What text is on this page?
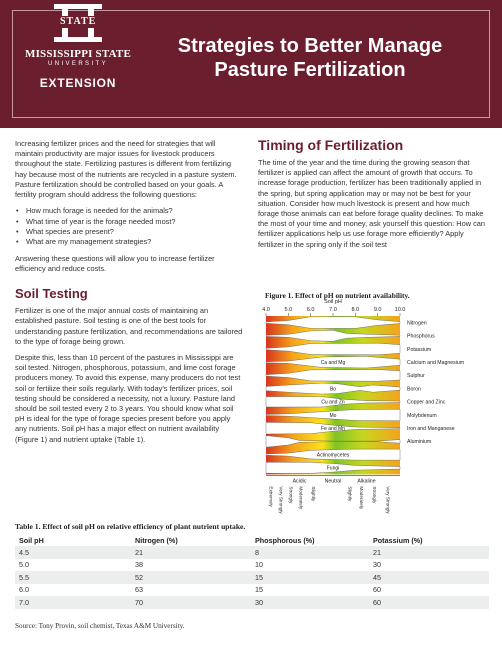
STATE
MISSISSIPPI STATE
UNIVERSITY
EXTENSION
Strategies to Better Manage
Pasture Fertilization

Increasing fertilizer prices and the need for strategies that will maintain productivity are major issues for livestock producers throughout the state. Fertilizing pastures is different from fertilizing hay because most of the nutrients are recycled in a pasture system. Pasture fertilization should be controlled based on your goals. A fertility program should address the following questions:

• How much forage is needed for the animals?
• What time of year is the forage needed most?
• What species are present?
• What are my management strategies?

Answering these questions will allow you to increase fertilizer efficiency and reduce costs.

Soil Testing

Fertilizer is one of the major annual costs of maintaining an established pasture. Soil testing is one of the best tools for understanding pasture fertilization, and recommendations are tailored to the type of forage being grown.

Despite this, less than 10 percent of the pastures in Mississippi are soil tested. Nitrogen, phosphorous, potassium, and lime cost forage producers money. To avoid this expense, many producers do not test soil or fertilize their soils regularly. With today's fertilizer prices, soil testing should be considered a necessity, not a luxury. Pasture land should be soil tested every 2 to 3 years. You should know what soil pH is ideal for the type of forage species present before you apply any nutrients. Soil pH has a major effect on nutrient availability (Figure 1) and nutrient uptake (Table 1).

Timing of Fertilization

The time of the year and the time during the growing season that fertilizer is applied can affect the amount of growth that occurs. To increase forage production, fertilizer has been traditionally applied in the spring, but spring application may or may not be best for your situation. Consider how much livestock is present and how much forage those animals can eat before forage quality declines. To make the most of your time and money, ask yourself this question: How can fertilizer applications help us use forage more efficiently? Apply fertilizer in the spring only if the soil test

Figure 1. Effect of pH on nutrient availability.
Soil pH
4.0	5.0	6.0	7.0	8.0	9.0 10.0
Nitrogen
Phosphorus
Potassium
Ca and Mg	Calcium and Magnesium
Sulphur
Bo	Boron
Cu and Zn	Copper and Zinc
Mo	Molybdenum
Fe and Mn	Iron and Manganese
Aluminium
Actinomycetes
Fungi
Acidic	Neutral	Alkaline
Extremely Very Strongly Strongly Moderately Slightly	Slightly Moderately Strongly Very Strongly
Table 1. Effect of soil pH on relative efficiency of plant nutrient uptake.
Soil pH	Nitrogen (%)	Phosphorous (%)	Potassium (%)
4.5	21	8	21
5.0	38	10	30
5.5	52	15	45
6.0	63	15	60
7.0	70	30	60
Source: Tony Provin, soil chemist, Texas A&M University.
